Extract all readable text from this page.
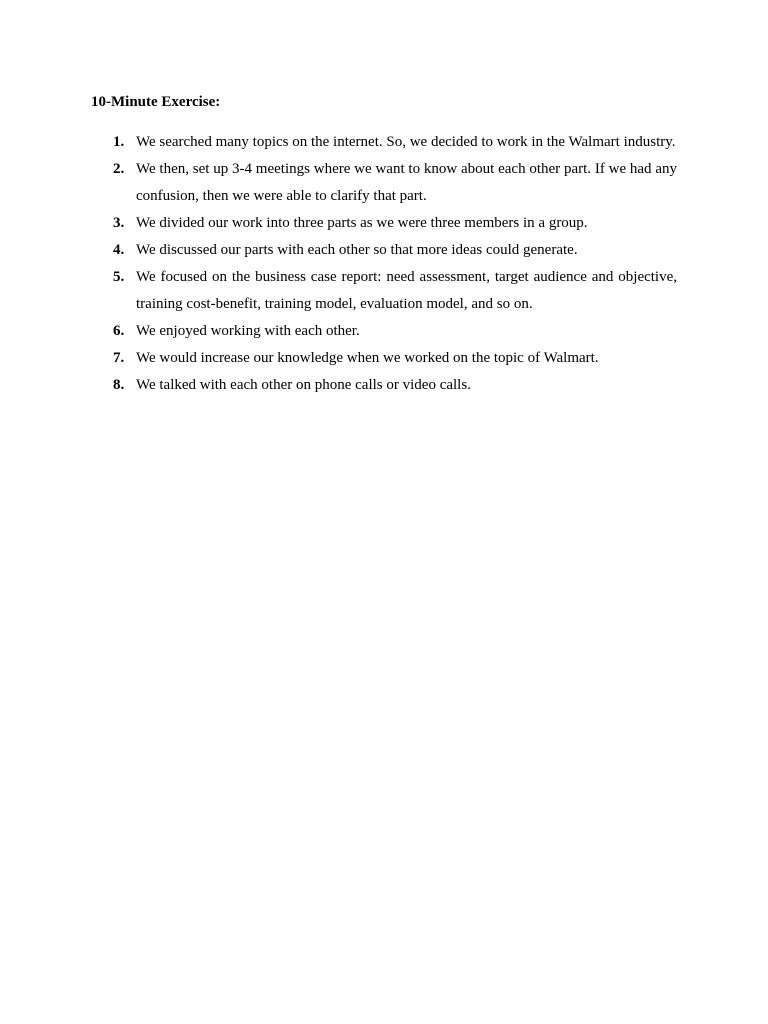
10-Minute Exercise:
1. We searched many topics on the internet. So, we decided to work in the Walmart industry.
2. We then, set up 3-4 meetings where we want to know about each other part. If we had any confusion, then we were able to clarify that part.
3. We divided our work into three parts as we were three members in a group.
4. We discussed our parts with each other so that more ideas could generate.
5. We focused on the business case report: need assessment, target audience and objective, training cost-benefit, training model, evaluation model, and so on.
6. We enjoyed working with each other.
7. We would increase our knowledge when we worked on the topic of Walmart.
8. We talked with each other on phone calls or video calls.
